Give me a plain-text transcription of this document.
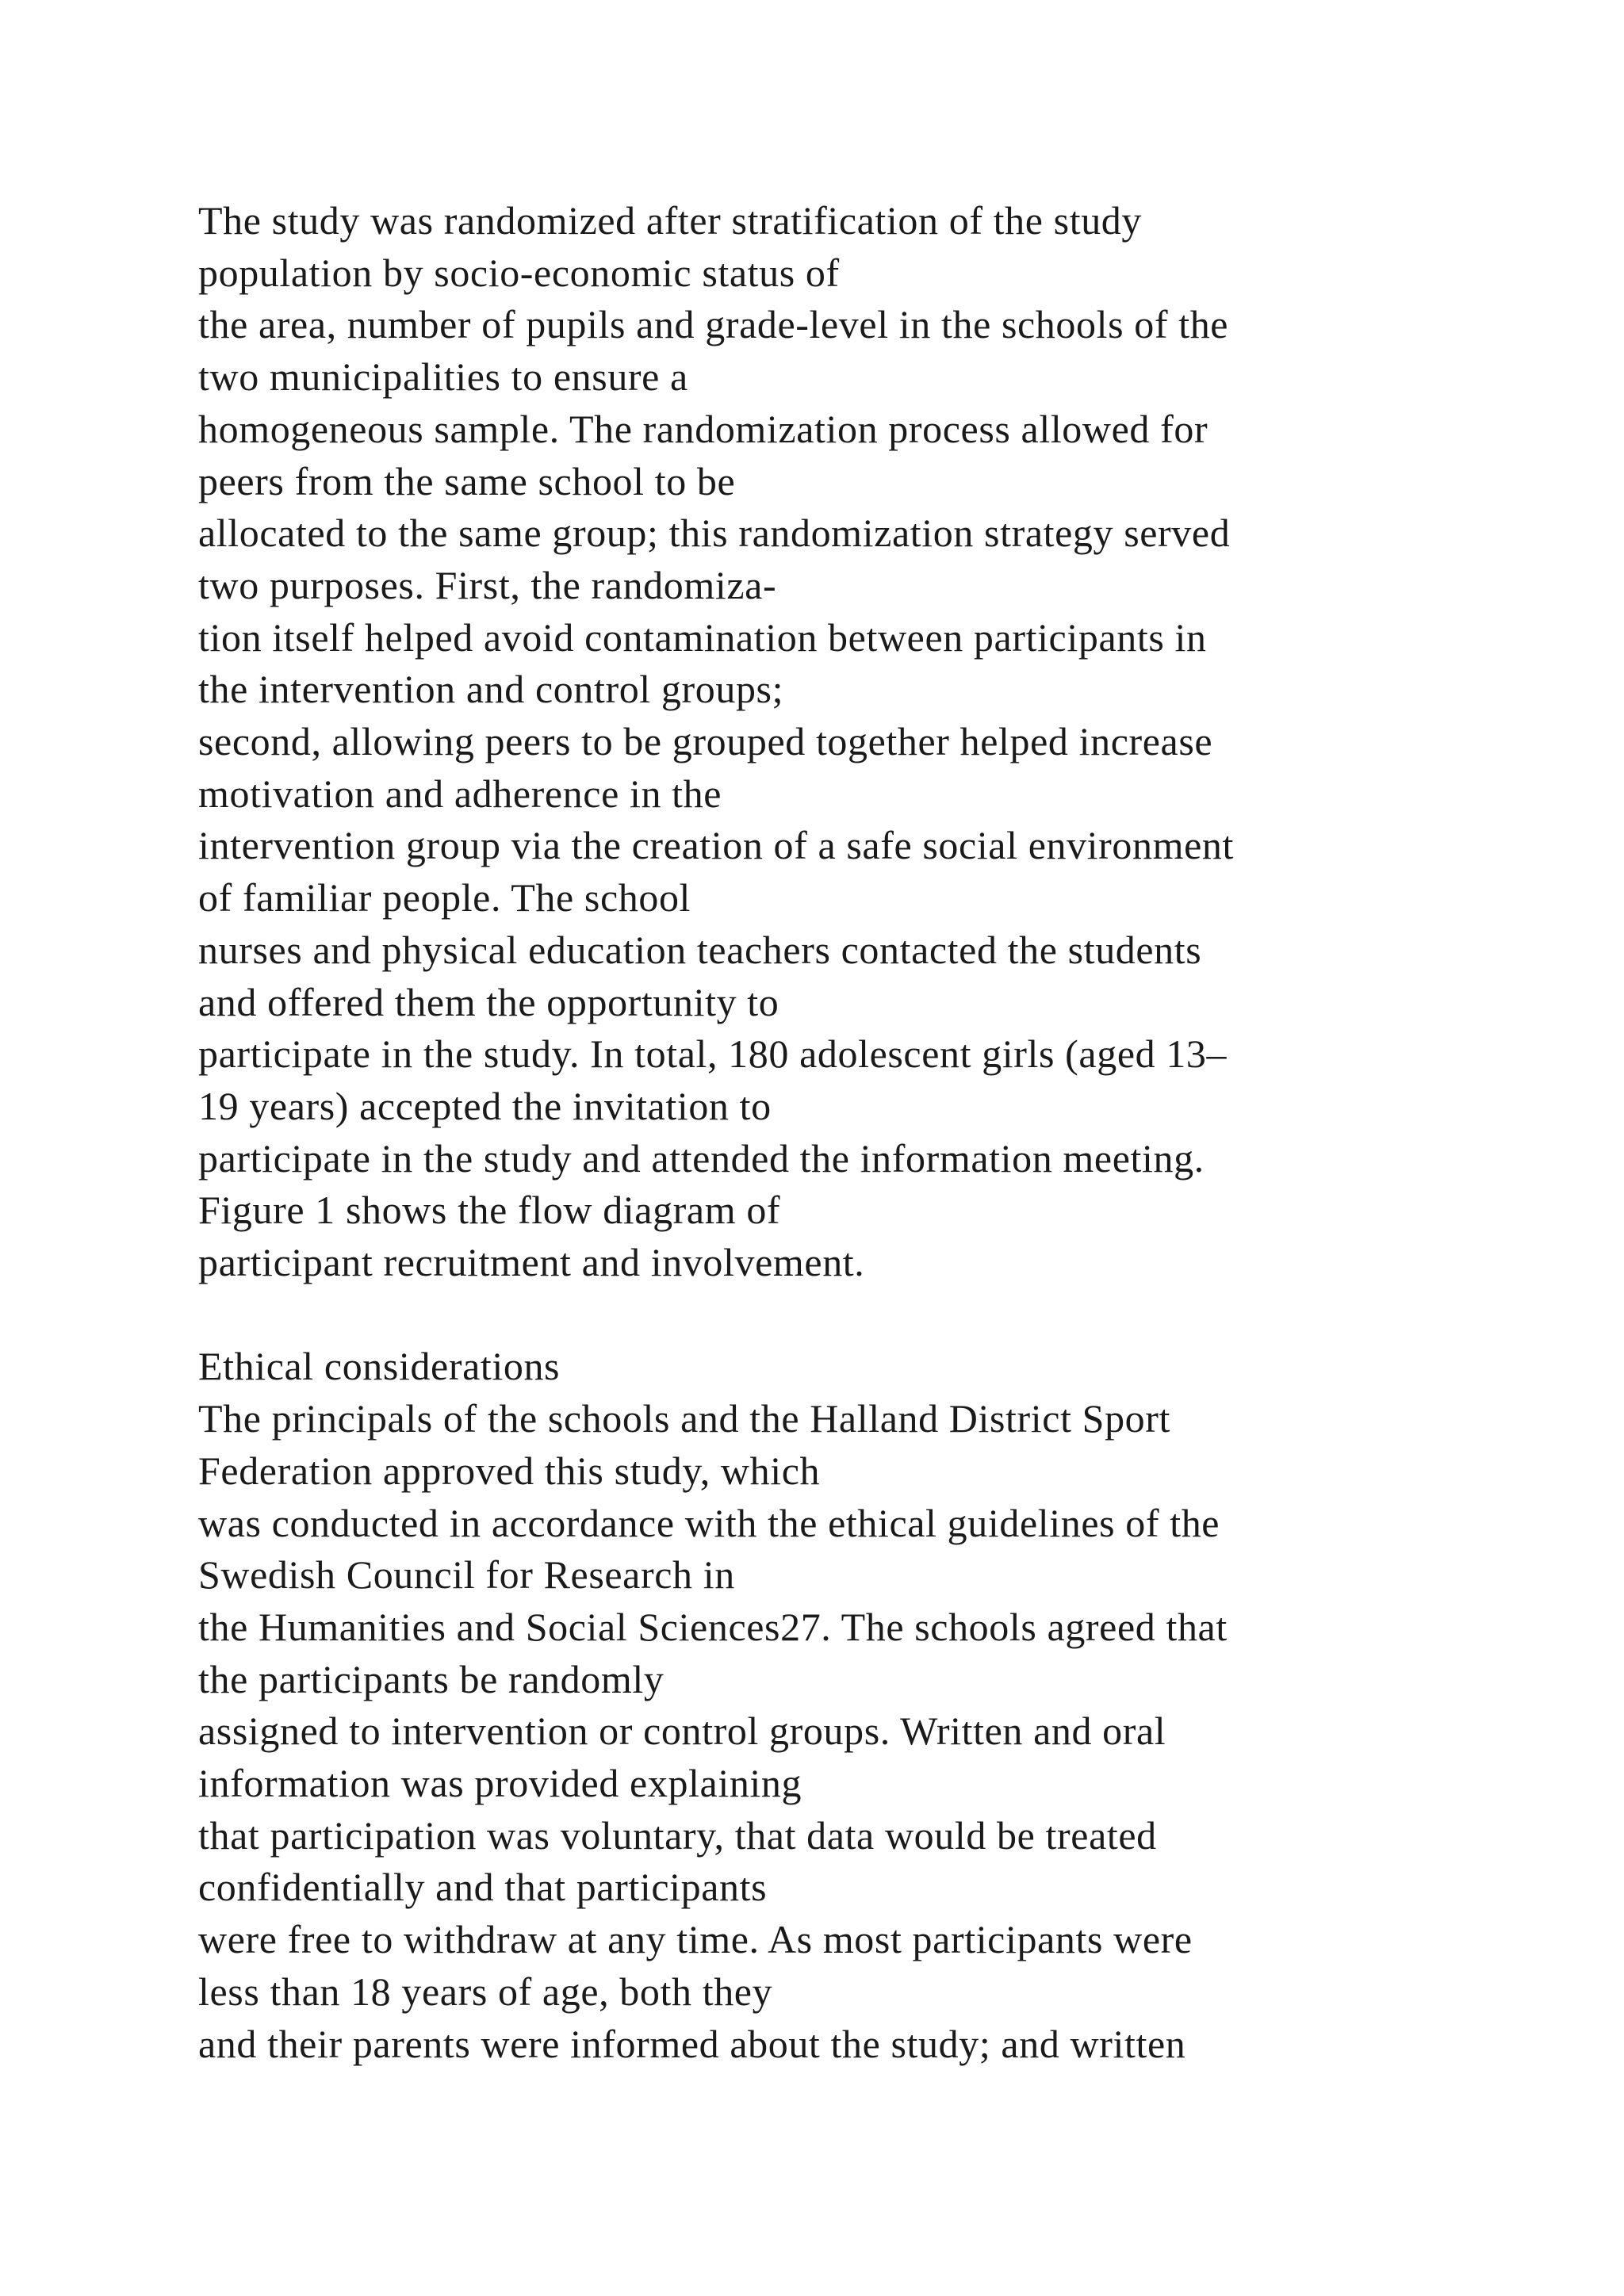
The study was randomized after stratification of the study
population by socio-economic status of
the area, number of pupils and grade-level in the schools of the
two municipalities to ensure a
homogeneous sample. The randomization process allowed for
peers from the same school to be
allocated to the same group; this randomization strategy served
two purposes. First, the randomiza-
tion itself helped avoid contamination between participants in
the intervention and control groups;
second, allowing peers to be grouped together helped increase
motivation and adherence in the
intervention group via the creation of a safe social environment
of familiar people. The school
nurses and physical education teachers contacted the students
and offered them the opportunity to
participate in the study. In total, 180 adolescent girls (aged 13–
19 years) accepted the invitation to
participate in the study and attended the information meeting.
Figure 1 shows the flow diagram of
participant recruitment and involvement.
Ethical considerations
The principals of the schools and the Halland District Sport
Federation approved this study, which
was conducted in accordance with the ethical guidelines of the
Swedish Council for Research in
the Humanities and Social Sciences27. The schools agreed that
the participants be randomly
assigned to intervention or control groups. Written and oral
information was provided explaining
that participation was voluntary, that data would be treated
confidentially and that participants
were free to withdraw at any time. As most participants were
less than 18 years of age, both they
and their parents were informed about the study; and written
